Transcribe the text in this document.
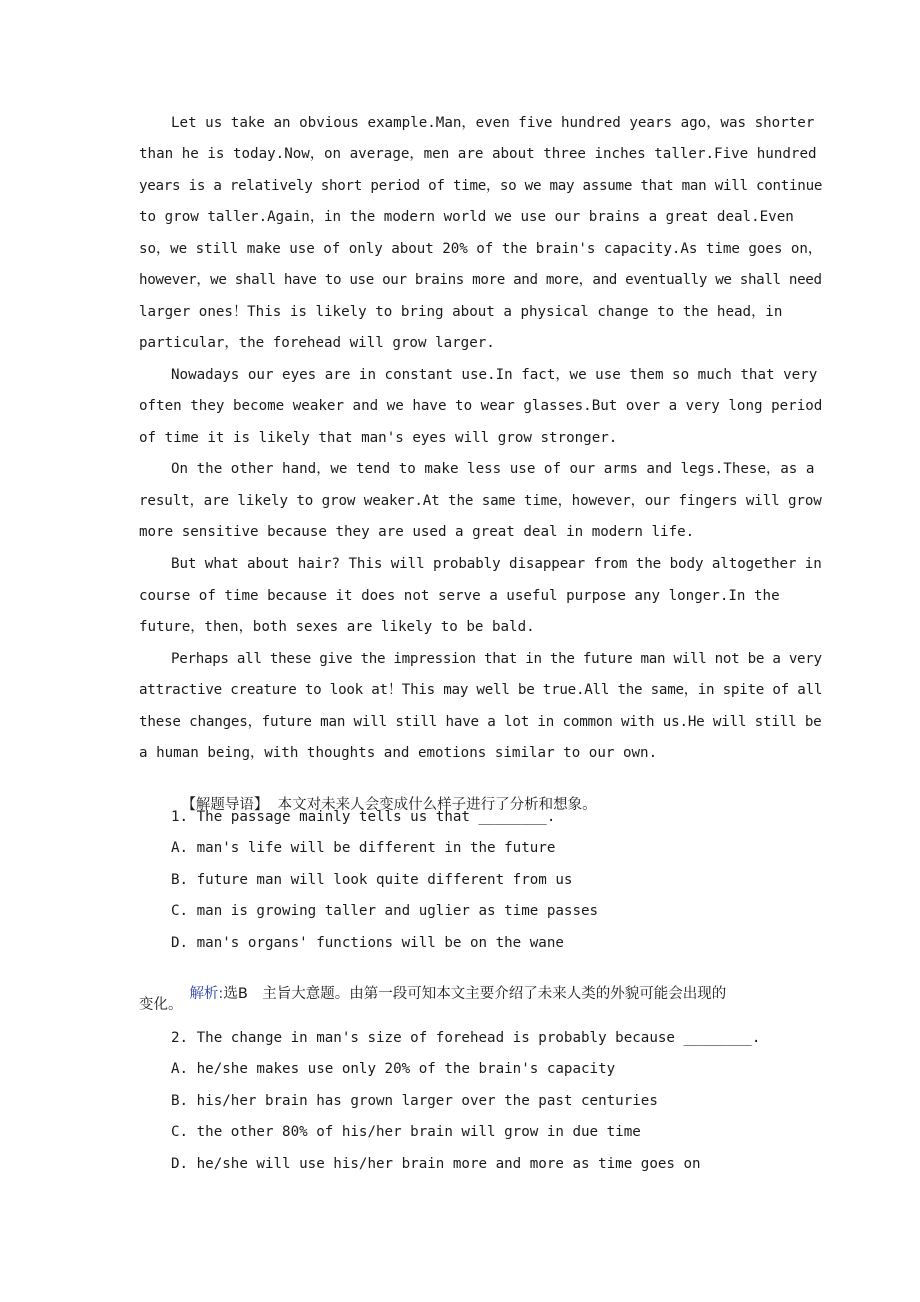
Let us take an obvious example.Man，even five hundred years ago，was shorter
than he is today.Now，on average，men are about three inches taller.Five hundred
years is a relatively short period of time，so we may assume that man will continue
to grow taller.Again，in the modern world we use our brains a great deal.Even
so，we still make use of only about 20% of the brain's capacity.As time goes on，
however，we shall have to use our brains more and more，and eventually we shall need
larger ones！This is likely to bring about a physical change to the head，in
particular，the forehead will grow larger.
Nowadays our eyes are in constant use.In fact，we use them so much that very
often they become weaker and we have to wear glasses.But over a very long period
of time it is likely that man's eyes will grow stronger.
On the other hand，we tend to make less use of our arms and legs.These，as a
result，are likely to grow weaker.At the same time，however，our fingers will grow
more sensitive because they are used a great deal in modern life.
But what about hair? This will probably disappear from the body altogether in
course of time because it does not serve a useful purpose any longer.In the
future，then，both sexes are likely to be bald.
Perhaps all these give the impression that in the future man will not be a very
attractive creature to look at！This may well be true.All the same，in spite of all
these changes，future man will still have a lot in common with us.He will still be
a human being，with thoughts and emotions similar to our own.

【解题导语】 本文对未来人会变成什么样子进行了分析和想象。

1. The passage mainly tells us that ________.
A. man's life will be different in the future
B. future man will look quite different from us
C. man is growing taller and uglier as time passes
D. man's organs' functions will be on the wane

解析:选B　主旨大意题。由第一段可知本文主要介绍了未来人类的外貌可能会出现的

变化。
2. The change in man's size of forehead is probably because ________.
A. he/she makes use only 20% of the brain's capacity
B. his/her brain has grown larger over the past centuries
C. the other 80% of his/her brain will grow in due time
D. he/she will use his/her brain more and more as time goes on
